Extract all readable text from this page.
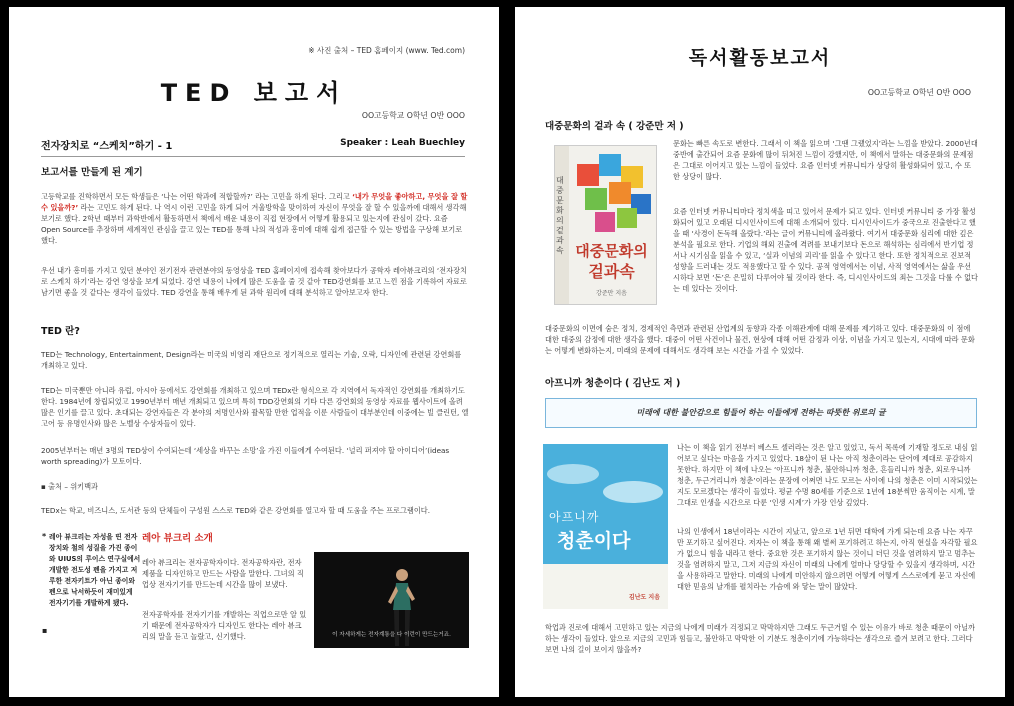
※ 사진 출처 – TED 홈페이지 (www. Ted.com)
TED 보고서
OO고등학교 O학년 O반 OOO
전자장치로 “스케치”하기 - 1	Speaker : Leah Buechley
보고서를 만들게 된 계기

고등학교를 진학하면서 모든 학생들은 ‘나는 어떤 학과에 적합할까?’ 라는 고민을 하게 된다. 그리고 ‘내가 무엇을 좋아하고, 무엇을 잘 할 수 있을까?’ 라는 고민도 하게 된다. 나 역시 이런 고민을 하게 되어 겨울방학을 맞이하여 자신이 무엇을 잘 할 수 있을까에 대해서 생각해 보기로 했다. 2학년 때부터 과학반에서 활동하면서 책에서 배운 내용이 직접 현장에서 어떻게 활용되고 있는지에 관심이 갔다. 요즘 Open Source를 추장하며 세계적인 관심을 끌고 있는 TED를 통해 나의 적성과 흥미에 대해 쉽게 접근할 수 있는 방법을 구상해 보기로 했다.

우선 내가 흥미를 가지고 있던 분야인 전기전자 관련분야의 동영상을 TED 홈페이지에 접속해 찾아보다가 공학자 레아뷰크리의 ‘전자장치로 스케치 하기’라는 강연 영상을 보게 되었다. 강연 내용이 나에게 많은 도움을 줄 것 같아 TED강연회를 보고 느낀 점을 기록하여 자료로 남기면 좋을 것 같다는 생각이 들었다. TED 강연을 통해 배우게 된 과학 원리에 대해 분석하고 알아보고자 한다.

TED 란?

TED는 Technology, Entertainment, Design라는 미국의 비영리 재단으로 정기적으로 열리는 기술, 오락, 디자인에 관련된 강연회를 개최하고 있다.

TED는 미국뿐만 아니라 유럽, 아시아 등에서도 강연회를 개최하고 있으며 TEDx란 형식으로 각 지역에서 독자적인 강연회를 개최하기도 한다. 1984년에 창립되었고 1990년부터 매년 개최되고 있으며 특히 TDD강연회의 기타 다른 강연회의 동영상 자료를 웹사이트에 올려 많은 인기를 끌고 있다. 초대되는 강연자들은 각 분야의 저명인사와 괄목할 만한 업적을 이룬 사람들이 대부분인데 이중에는 빌 클린턴, 엘 고어 등 유명인사와 많은 노벨상 수상자들이 있다.

2005년부터는 매년 3명의 TED상이 수여되는데 ‘세상을 바꾸는 소망’을 가진 이들에게 수여된다. ‘널리 퍼져야 할 아이디어’(ideas worth spreading)가 모토이다.

▪ 출처 – 위키백과

TEDx는 학교, 비즈니스, 도서관 등의 단체들이 구성원 스스로 TED와 같은 강연회를 열고자 할 때 도움을 주는 프로그램이다.

* 레아 뷰크리는 자성을 띤 전자장치와 철의 성질을 가진 종이와 UIUS의 루이스 연구실에서 개발한 전도성 펜을 가지고 저루한 전자키트가 아닌 종이와 펜으로 낙서하듯이 재미있게 전자기기를 개발하게 됐다.
▪
레아 뷰크리 소개

레아 뷰크리는 전자공학자이다. 전자공학자란, 전자제품을 디자인하고 만드는 사람을 말한다. 그녀의 직업상 전자기기를 만드는데 시간을 많이 보냈다.

전자공학자를 전자기기를 개발하는 직업으로만 알 있기 때문에 전자공학자가 디자인도 한다는 레아 뷰크리의 말을 듣고 놀랐고, 신기했다.	이 자세하게는 전자계통을 다 이런이 만드는거죠.
독서활동보고서
OO고등학교 O학년 O반 OOO
대중문화의 겉과 속 ( 강준만 저 )
대중문화의 겉과속 대중문화의
겉과속
강준만 지음

문화는 빠른 속도로 변한다. 그래서 이 책을 읽으며 ‘그땐 그랬었지’라는 느낌을 받았다. 2000년대 중반에 출간되어 요즘 문화에 많이 뒤쳐진 느낌이 강했지만, 이 책에서 말하는 대중문화의 문제점은 그대로 이어지고 있는 느낌이 들었다. 요즘 인터넷 커뮤니티가 상당히 활성화되어 있고, 수 또한 상당이 많다.

요즘 인터넷 커뮤니티마다 정치색을 띠고 있어서 문제가 되고 있다. 인터넷 커뮤니티 중 가장 활성화되어 있고 오래된 디시인사이드에 대해 소개되어 있다. 디시인사이드가 중국으로 진출한다고 했을 때 ‘사경이 돈독해 올랐다.’라는 글이 커뮤니티에 올라왔다. 여기서 대중문화 심리에 대한 깊은 분석을 필요로 한다. 기업의 해외 진출에 격려를 보내기보다 돈으로 해석하는 심리에서 반기업 정서나 시기심을 읽을 수 있고, ‘실과 이념의 괴리’를 읽을 수 있다고 한다. 또한 정치적으로 진보적 성향을 드러내는 것도 적용했다고 할 수 있다. 공적 영역에서는 이념, 사적 영역에서는 삶을 우선시하다 보면 ‘돈’은 은밀히 다루어야 될 것이라 한다. 즉, 디시인사이드의 죄는 그것을 다룰 수 없다는 데 있다는 것이다.

대중문화의 이면에 숨은 정치, 경제적인 측면과 관련된 산업계의 동향과 각종 이해관계에 대해 문제를 제기하고 있다. 대중문화의 이 점에 대한 대중의 감정에 대한 생각을 했다. 대중이 어떤 사건이나 물건, 현상에 대해 어떤 감정과 이상, 이념을 가지고 있는지, 시대에 따라 문화는 어떻게 변화하는지, 미래의 문제에 대해서도 생각해 보는 시간을 가질 수 있었다.

아프니까 청춘이다 ( 김난도 저 )
미래에 대한 불안감으로 힘들어 하는 이들에게 전하는 따뜻한 위로의 글
아프니까
청춘이다
김난도 지음

나는 이 책을 읽기 전부터 베스트 셀러라는 것은 알고 있었고, 독서 목록에 기재할 정도로 내심 읽어보고 싶다는 마음을 가지고 있었다. 18살이 된 나는 아직 청춘이라는 단어에 제대로 공감하지 못한다. 하지만 이 책에 나오는 ‘아프니까 청춘, 불안하니까 청춘, 흔들리니까 청춘, 외로우니까 청춘, 두근거리니까 청춘’이라는 문장에 어쩌면 나도 모르는 사이에 나의 청춘은 이미 시작되었는지도 모르겠다는 생각이 들었다. 평균 수명 80세를 기준으로 1년에 18분씩만 움직이는 시계, 말 그대로 인생을 시간으로 다룬 ‘인생 시계’가 가장 인상 깊었다.

나의 인생에서 18년이라는 시간이 지났고, 앞으로 1년 뒤면 대학에 가게 되는데 요즘 나는 자꾸만 포기하고 싶어진다. 저자는 이 책을 통해 왜 별써 포기하려고 하는지, 아직 현실을 자각할 필요가 없으니 힘을 내라고 한다. 중요한 것은 포기하지 않는 것이니 더딘 것을 염려하지 말고 멈추는 것을 염려하지 말고, 그저 지금의 자신이 미래의 나에게 얼마나 당당할 수 있을지 생각하며, 시간을 사용하라고 말한다. 미래의 나에게 미안하지 않으려면 어떻게 어떻게 스스로에게 묻고 자신에 대한 믿음의 날개를 펼치라는 가슴에 와 닿는 말이 많았다.

학업과 진로에 대해서 고민하고 있는 지금의 나에게 미래가 걱정되고 막막하지만 그래도 두근거릴 수 있는 이유가 바로 청춘 때문이 아닐까 하는 생각이 들었다. 앞으로 지금의 고민과 힘들고, 불안하고 막막한 이 기분도 청춘이기에 가능하다는 생각으로 즐겨 보려고 한다. 그러다 보면 나의 길이 보이지 않을까?
